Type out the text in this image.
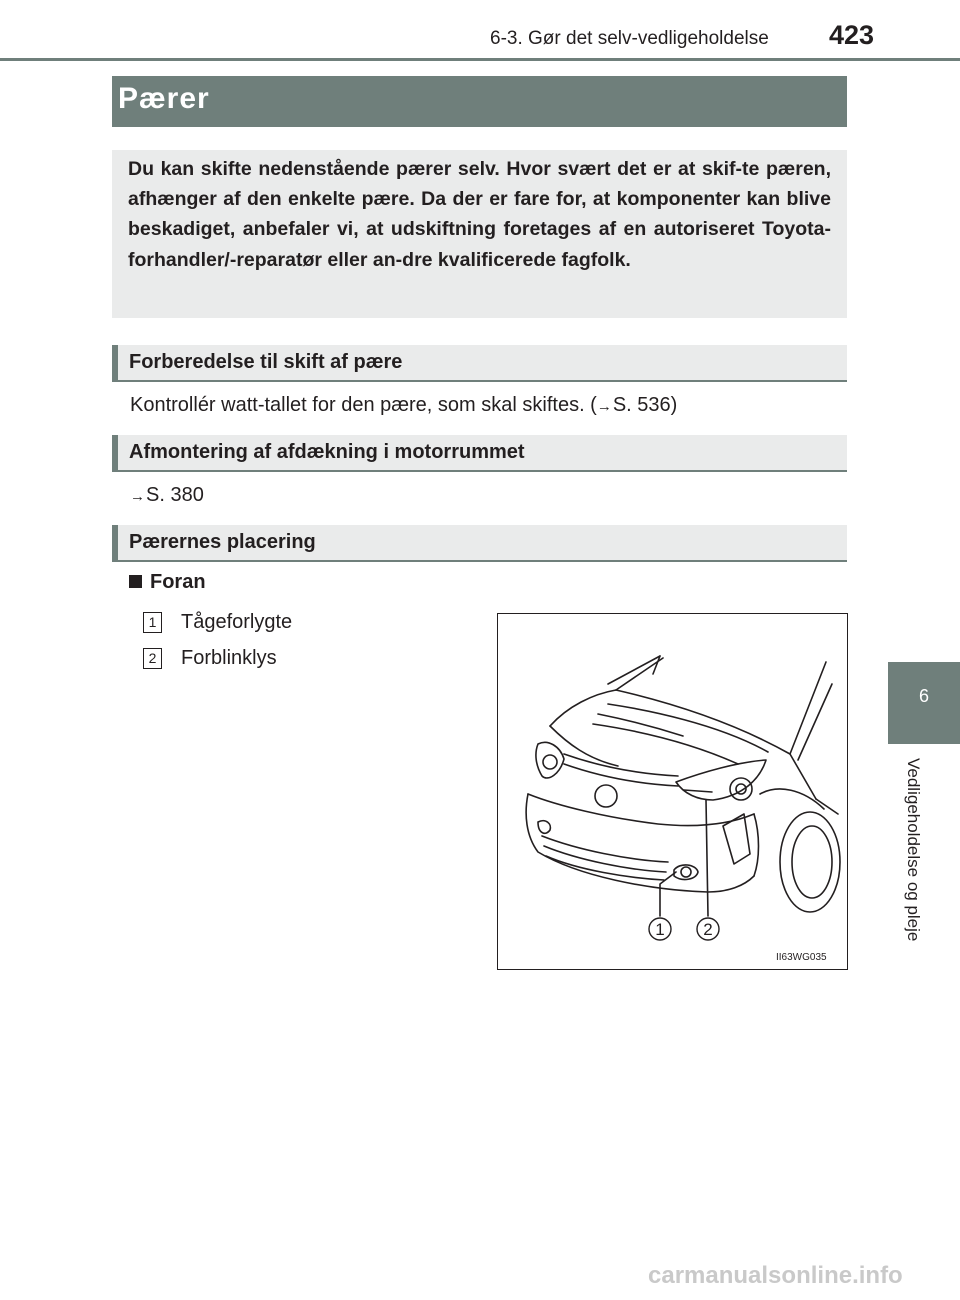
6-3. Gør det selv-vedligeholdelse 423
6
Vedligeholdelse og pleje
Pærer
Du kan skifte nedenstående pærer selv. Hvor svært det er at skif-te pæren, afhænger af den enkelte pære. Da der er fare for, at komponenter kan blive beskadiget, anbefaler vi, at udskiftning foretages af en autoriseret Toyota-forhandler/-reparatør eller an-dre kvalificerede fagfolk.
Forberedelse til skift af pære
Kontrollér watt-tallet for den pære, som skal skiftes. (→S. 536)
Afmontering af afdækning i motorrummet
→S. 380
Pærernes placering
Foran
1 Tågeforlygte
2 Forblinklys
1 2
II63WG035
carmanualsonline.info
